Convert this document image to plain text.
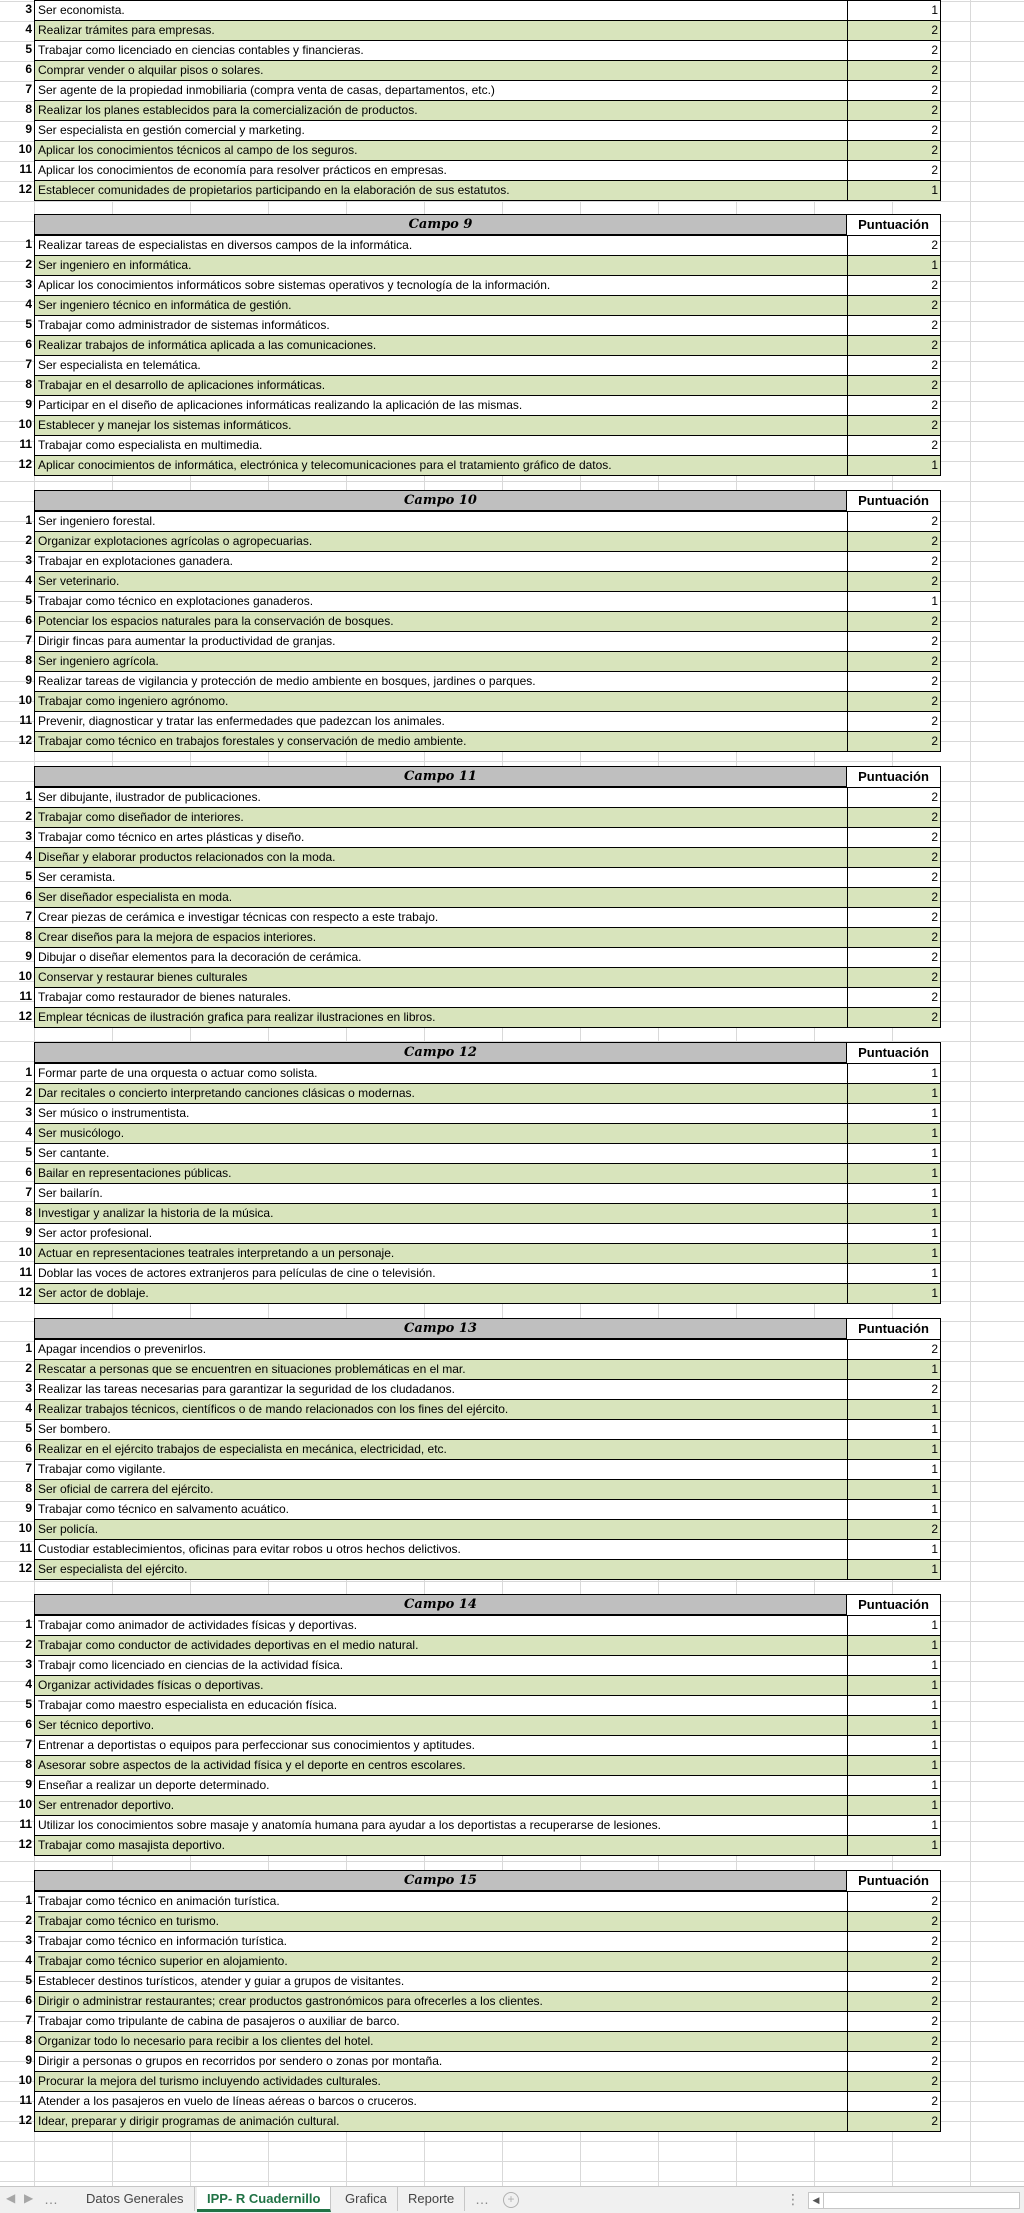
3 Ser economista.	1
4 Realizar trámites para empresas.	2
5 Trabajar como licenciado en ciencias contables y financieras.	2
6 Comprar vender o alquilar pisos o solares.	2
7 Ser agente de la propiedad inmobiliaria (compra venta de casas, departamentos, etc.)	2
8 Realizar los planes establecidos para la comercialización de productos.	2
9 Ser especialista en gestión comercial y marketing.	2
10 Aplicar los conocimientos técnicos al campo de los seguros.	2
11 Aplicar los conocimientos de economía para resolver prácticos en empresas.	2
12 Establecer comunidades de propietarios participando en la elaboración de sus estatutos.	1
Campo 9	Puntuación
1 Realizar tareas de especialistas en diversos campos de la informática.	2
2 Ser ingeniero en informática.	1
3 Aplicar los conocimientos informáticos sobre sistemas operativos y tecnología de la información.	2
4 Ser ingeniero técnico en informática de gestión.	2
5 Trabajar como administrador de sistemas informáticos.	2
6 Realizar trabajos de informática aplicada a las comunicaciones.	2
7 Ser especialista en telemática.	2
8 Trabajar en el desarrollo de aplicaciones informáticas.	2
9 Participar en el diseño de aplicaciones informáticas realizando la aplicación de las mismas.	2
10 Establecer y manejar los sistemas informáticos.	2
11 Trabajar como especialista en multimedia.	2
12 Aplicar conocimientos de informática, electrónica y telecomunicaciones para el tratamiento gráfico de datos.	1
Campo 10	Puntuación
1 Ser ingeniero forestal.	2
2 Organizar explotaciones agrícolas o agropecuarias.	2
3 Trabajar en explotaciones ganadera.	2
4 Ser veterinario.	2
5 Trabajar como técnico en explotaciones ganaderos.	1
6 Potenciar los espacios naturales para la conservación de bosques.	2
7 Dirigir fincas para aumentar la productividad de granjas.	2
8 Ser ingeniero agrícola.	2
9 Realizar tareas de vigilancia y protección de medio ambiente en bosques, jardines o parques.	2
10 Trabajar como ingeniero agrónomo.	2
11 Prevenir, diagnosticar y tratar las enfermedades que padezcan los animales.	2
12 Trabajar como técnico en trabajos forestales y conservación de medio ambiente.	2
Campo 11	Puntuación
1 Ser dibujante, ilustrador de publicaciones.	2
2 Trabajar como diseñador de interiores.	2
3 Trabajar como técnico en artes plásticas y diseño.	2
4 Diseñar y elaborar productos relacionados con la moda.	2
5 Ser ceramista.	2
6 Ser diseñador especialista en moda.	2
7 Crear piezas de cerámica e investigar técnicas con respecto a este trabajo.	2
8 Crear diseños para la mejora de espacios interiores.	2
9 Dibujar o diseñar elementos para la decoración de cerámica.	2
10 Conservar y restaurar bienes culturales	2
11 Trabajar como restaurador de bienes naturales.	2
12 Emplear técnicas de ilustración grafica para realizar ilustraciones en libros.	2
Campo 12	Puntuación
1 Formar parte de una orquesta o actuar como solista.	1
2 Dar recitales o concierto interpretando canciones clásicas o modernas.	1
3 Ser músico o instrumentista.	1
4 Ser musicólogo.	1
5 Ser cantante.	1
6 Bailar en representaciones públicas.	1
7 Ser bailarín.	1
8 Investigar y analizar la historia de la música.	1
9 Ser actor profesional.	1
10 Actuar en representaciones teatrales interpretando a un personaje.	1
11 Doblar las voces de actores extranjeros para películas de cine o televisión.	1
12 Ser actor de doblaje.	1
Campo 13	Puntuación
1 Apagar incendios o prevenirlos.	2
2 Rescatar a personas que se encuentren en situaciones problemáticas en el mar.	1
3 Realizar las tareas necesarias para garantizar la seguridad de los cludadanos.	2
4 Realizar trabajos técnicos, científicos o de mando relacionados con los fines del ejército.	1
5 Ser bombero.	1
6 Realizar en el ejército trabajos de especialista en mecánica, electricidad, etc.	1
7 Trabajar como vigilante.	1
8 Ser oficial de carrera del ejército.	1
9 Trabajar como técnico en salvamento acuático.	1
10 Ser policía.	2
11 Custodiar establecimientos, oficinas para evitar robos u otros hechos delictivos.	1
12 Ser especialista del ejército.	1
Campo 14	Puntuación
1 Trabajar como animador de actividades físicas y deportivas.	1
2 Trabajar como conductor de actividades deportivas en el medio natural.	1
3 Trabajr como licenciado en ciencias de la actividad física.	1
4 Organizar actividades físicas o deportivas.	1
5 Trabajar como maestro especialista en educación física.	1
6 Ser técnico deportivo.	1
7 Entrenar a deportistas o equipos para perfeccionar sus conocimientos y aptitudes.	1
8 Asesorar sobre aspectos de la actividad física y el deporte en centros escolares.	1
9 Enseñar a realizar un deporte determinado.	1
10 Ser entrenador deportivo.	1
11 Utilizar los conocimientos sobre masaje y anatomía humana para ayudar a los deportistas a recuperarse de lesiones.	1
12 Trabajar como masajista deportivo.	1
Campo 15	Puntuación
1 Trabajar como técnico en animación turística.	2
2 Trabajar como técnico en turismo.	2
3 Trabajar como técnico en información turística.	2
4 Trabajar como técnico superior en alojamiento.	2
5 Establecer destinos turísticos, atender y guiar a grupos de visitantes.	2
6 Dirigir o administrar restaurantes; crear productos gastronómicos para ofrecerles a los clientes.	2
7 Trabajar como tripulante de cabina de pasajeros o auxiliar de barco.	2
8 Organizar todo lo necesario para recibir a los clientes del hotel.	2
9 Dirigir a personas o grupos en recorridos por sendero o zonas por montaña.	2
10 Procurar la mejora del turismo incluyendo actividades culturales.	2
11 Atender a los pasajeros en vuelo de líneas aéreas o barcos o cruceros.	2
12 Idear, preparar y dirigir programas de animación cultural.	2
◀ ▶ …	Datos Generales	IPP- R Cuadernillo	Grafica	Reporte	…	+	⋮	◀
